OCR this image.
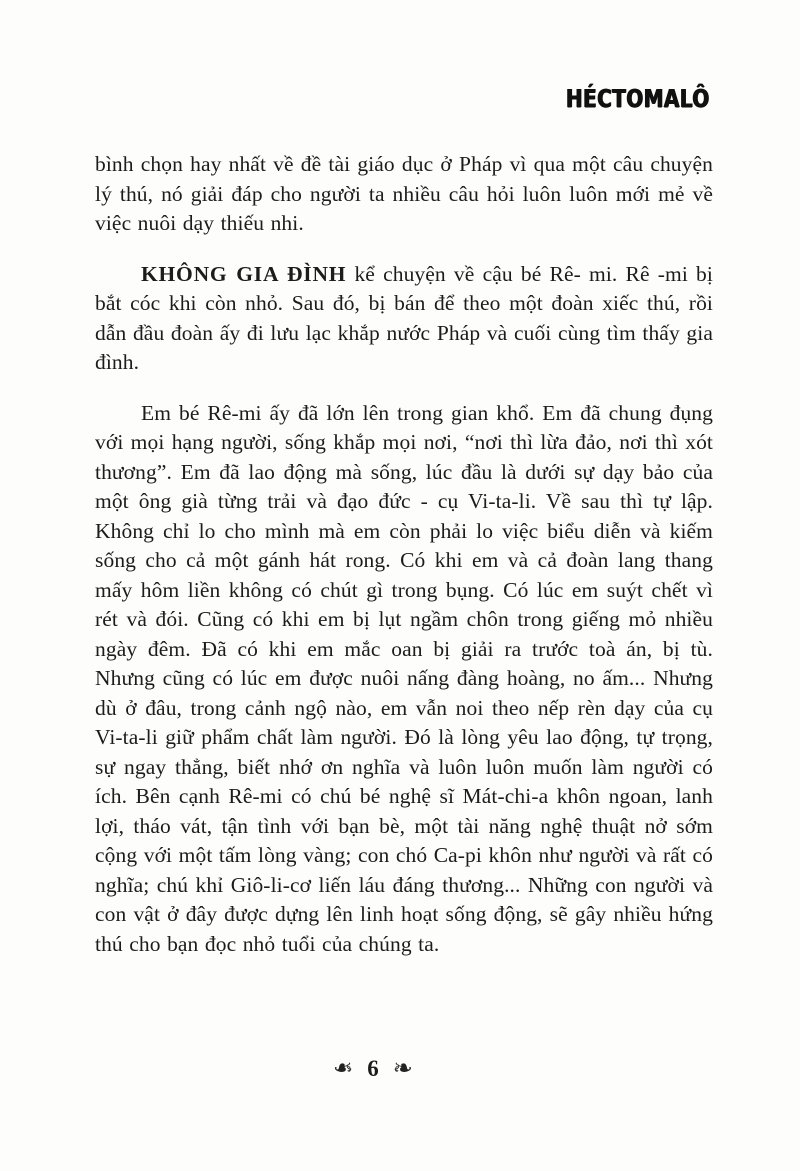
HÉCTOMALÔ

bình chọn hay nhất về đề tài giáo dục ở Pháp vì qua một câu chuyện lý thú, nó giải đáp cho người ta nhiều câu hỏi luôn luôn mới mẻ về việc nuôi dạy thiếu nhi.

KHÔNG GIA ĐÌNH kể chuyện về cậu bé Rê- mi. Rê -mi bị bắt cóc khi còn nhỏ. Sau đó, bị bán để theo một đoàn xiếc thú, rồi dẫn đầu đoàn ấy đi lưu lạc khắp nước Pháp và cuối cùng tìm thấy gia đình.

Em bé Rê-mi ấy đã lớn lên trong gian khổ. Em đã chung đụng với mọi hạng người, sống khắp mọi nơi, “nơi thì lừa đảo, nơi thì xót thương”. Em đã lao động mà sống, lúc đầu là dưới sự dạy bảo của một ông già từng trải và đạo đức - cụ Vi-ta-li. Về sau thì tự lập. Không chỉ lo cho mình mà em còn phải lo việc biểu diễn và kiếm sống cho cả một gánh hát rong. Có khi em và cả đoàn lang thang mấy hôm liền không có chút gì trong bụng. Có lúc em suýt chết vì rét và đói. Cũng có khi em bị lụt ngầm chôn trong giếng mỏ nhiều ngày đêm. Đã có khi em mắc oan bị giải ra trước toà án, bị tù. Nhưng cũng có lúc em được nuôi nấng đàng hoàng, no ấm... Nhưng dù ở đâu, trong cảnh ngộ nào, em vẫn noi theo nếp rèn dạy của cụ Vi-ta-li giữ phẩm chất làm người. Đó là lòng yêu lao động, tự trọng, sự ngay thẳng, biết nhớ ơn nghĩa và luôn luôn muốn làm người có ích. Bên cạnh Rê-mi có chú bé nghệ sĩ Mát-chi-a khôn ngoan, lanh lợi, tháo vát, tận tình với bạn bè, một tài năng nghệ thuật nở sớm cộng với một tấm lòng vàng; con chó Ca-pi khôn như người và rất có nghĩa; chú khỉ Giô-li-cơ liến láu đáng thương... Những con người và con vật ở đây được dựng lên linh hoạt sống động, sẽ gây nhiều hứng thú cho bạn đọc nhỏ tuổi của chúng ta.

❧ 6 ❧
